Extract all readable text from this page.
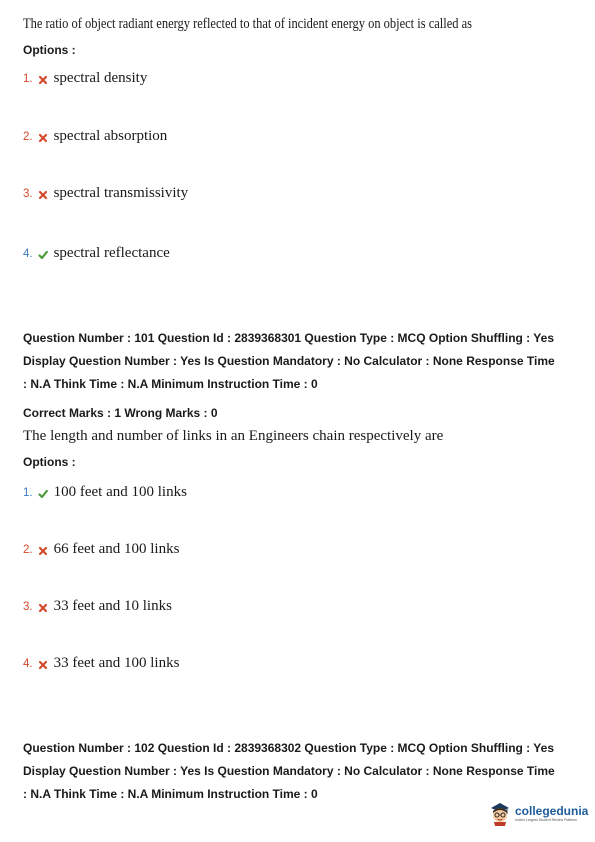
The ratio of object radiant energy reflected to that of incident energy on object is called as
Options :
1. spectral density
2. spectral absorption
3. spectral transmissivity
4. spectral reflectance
Question Number : 101 Question Id : 2839368301 Question Type : MCQ Option Shuffling : Yes
Display Question Number : Yes Is Question Mandatory : No Calculator : None Response Time
: N.A Think Time : N.A Minimum Instruction Time : 0
Correct Marks : 1 Wrong Marks : 0
The length and number of links in an Engineers chain respectively are
Options :
1. 100 feet and 100 links
2. 66 feet and 100 links
3. 33 feet and 10 links
4. 33 feet and 100 links
Question Number : 102 Question Id : 2839368302 Question Type : MCQ Option Shuffling : Yes
Display Question Number : Yes Is Question Mandatory : No Calculator : None Response Time
: N.A Think Time : N.A Minimum Instruction Time : 0
collegedunia
India's Largest Student Review Platform
